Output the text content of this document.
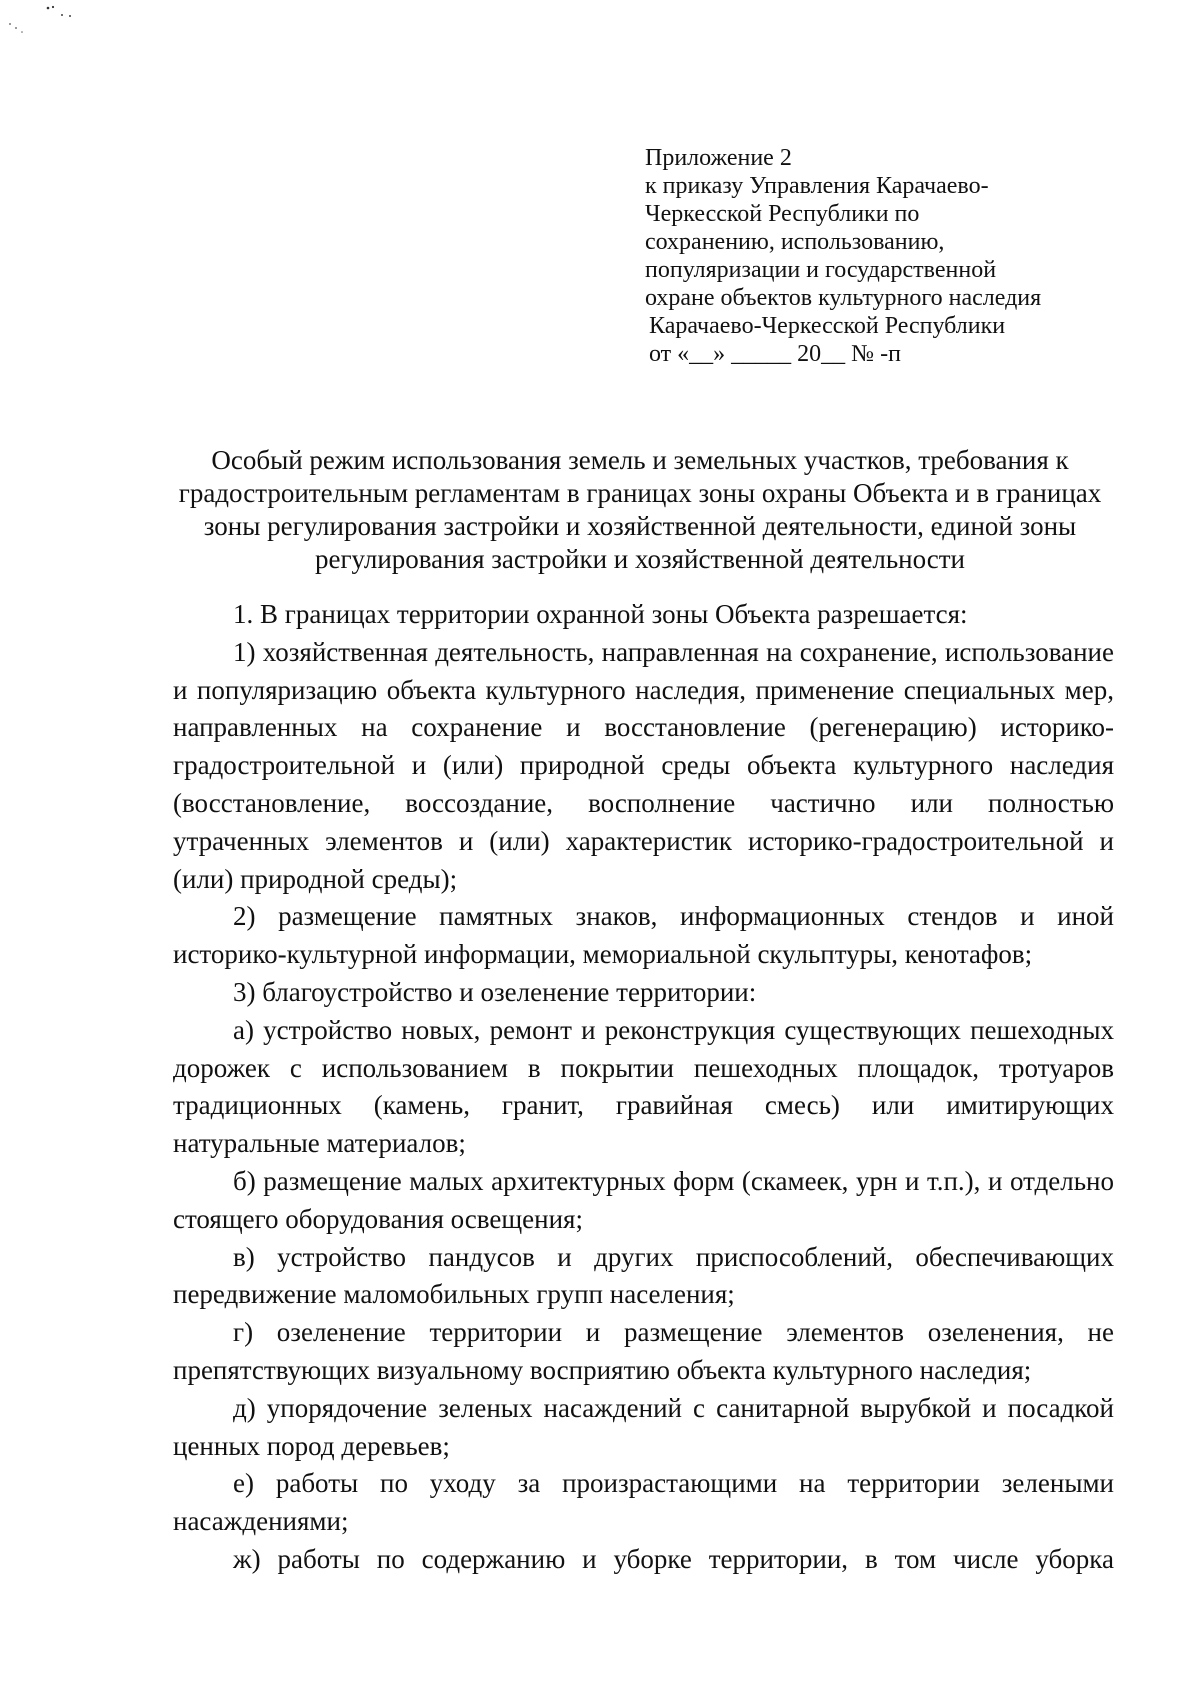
Приложение 2
к приказу Управления Карачаево-
Черкесской Республики по
сохранению, использованию,
популяризации и государственной
охране объектов культурного наследия
Карачаево-Черкесской Республики
от «__» _____ 20__ № -п
Особый режим использования земель и земельных участков, требования к градостроительным регламентам в границах зоны охраны Объекта и в границах зоны регулирования застройки и хозяйственной деятельности, единой зоны регулирования застройки и хозяйственной деятельности

1. В границах территории охранной зоны Объекта разрешается:

1) хозяйственная деятельность, направленная на сохранение, использование и популяризацию объекта культурного наследия, применение специальных мер, направленных на сохранение и восстановление (регенерацию) историко-градостроительной и (или) природной среды объекта культурного наследия (восстановление, воссоздание, восполнение частично или полностью утраченных элементов и (или) характеристик историко-градостроительной и (или) природной среды);

2) размещение памятных знаков, информационных стендов и иной историко-культурной информации, мемориальной скульптуры, кенотафов;

3) благоустройство и озеленение территории:

а) устройство новых, ремонт и реконструкция существующих пешеходных дорожек с использованием в покрытии пешеходных площадок, тротуаров традиционных (камень, гранит, гравийная смесь) или имитирующих натуральные материалов;

б) размещение малых архитектурных форм (скамеек, урн и т.п.), и отдельно стоящего оборудования освещения;

в) устройство пандусов и других приспособлений, обеспечивающих передвижение маломобильных групп населения;

г) озеленение территории и размещение элементов озеленения, не препятствующих визуальному восприятию объекта культурного наследия;

д) упорядочение зеленых насаждений с санитарной вырубкой и посадкой ценных пород деревьев;

е) работы по уходу за произрастающими на территории зелеными насаждениями;

ж) работы по содержанию и уборке территории, в том числе уборка
